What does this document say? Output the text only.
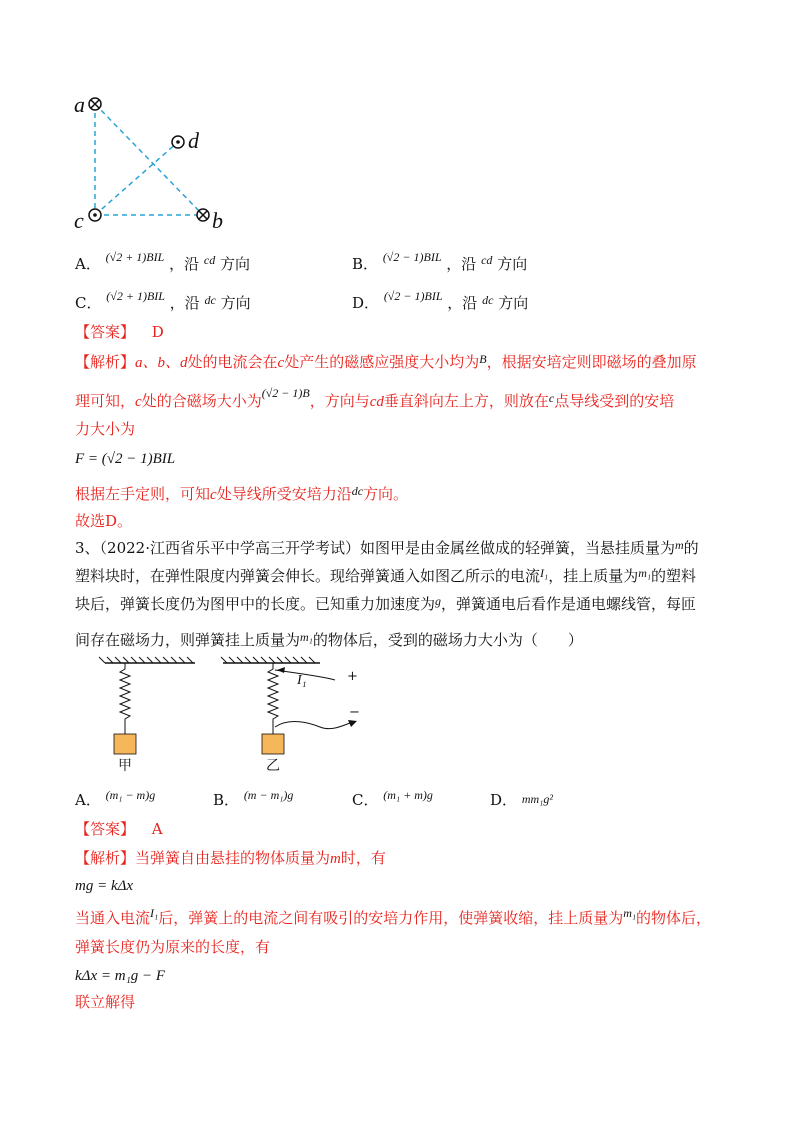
a
d
c	b
A． $^{(√2 + 1)BIL}$ ，沿 $^{cd}$ 方向	B． $^{(√2 - 1)BIL}$ ，沿 $^{cd}$ 方向
C． $^{(√2 + 1)BIL}$ ，沿 $^{dc}$ 方向	D． $^{(√2 - 1)BIL}$ ，沿 $^{dc}$ 方向
【答案】 D
【解析】a、b、d处的电流会在c处产生的磁感应强度大小均为$^B$，根据安培定则即磁场的叠加原
理可知，c处的合磁场大小为$^{(√2 - 1)B}$，方向与cd垂直斜向左上方，则放在$^c$点导线受到的安培
力大小为
F = (√2 − 1)BIL
根据左手定则，可知c处导线所受安培力沿$^{dc}$方向。
故选D。
3、（2022·江西省乐平中学高三开学考试）如图甲是由金属丝做成的轻弹簧，当悬挂质量为$^m$的
塑料块时，在弹性限度内弹簧会伸长。现给弹簧通入如图乙所示的电流$^{I_1}$，挂上质量为$^{m_1}$的塑料
块后，弹簧长度仍为图甲中的长度。已知重力加速度为$^g$，弹簧通电后看作是通电螺线管，每匝
间存在磁场力，则弹簧挂上质量为$^{m_1}$的物体后，受到的磁场力大小为（　　）
甲	乙
I₁	+
−
A． $^{(m_1 - m)g}$	B． $^{(m - m_1)g}$	C． $^{(m_1 + m)g}$	D． mm₁g²
【答案】 A
【解析】当弹簧自由悬挂的物体质量为m时，有
mg = kΔx
当通入电流$^{I_1}$后，弹簧上的电流之间有吸引的安培力作用，使弹簧收缩，挂上质量为$^{m_1}$的物体后，
弹簧长度仍为原来的长度，有
kΔx = m₁g − F
联立解得
